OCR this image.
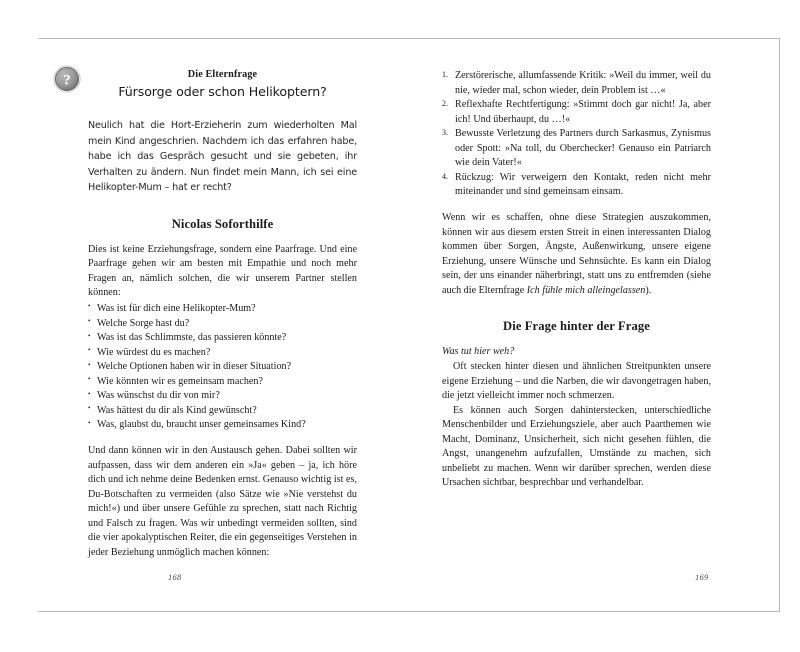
?	Die Elternfrage

Fürsorge oder schon Helikoptern?

Neulich hat die Hort-Erzieherin zum wiederholten Mal mein Kind angeschrien. Nachdem ich das erfahren habe, habe ich das Gespräch gesucht und sie gebeten, ihr Verhalten zu ändern. Nun findet mein Mann, ich sei eine Helikopter-Mum – hat er recht?

Nicolas Soforthilfe

Dies ist keine Erziehungsfrage, sondern eine Paarfrage. Und eine Paarfrage gehen wir am besten mit Empathie und noch mehr Fragen an, nämlich solchen, die wir unserem Partner stellen können:

• Was ist für dich eine Helikopter-Mum?
• Welche Sorge hast du?
• Was ist das Schlimmste, das passieren könnte?
• Wie würdest du es machen?
• Welche Optionen haben wir in dieser Situation?
• Wie könnten wir es gemeinsam machen?
• Was wünschst du dir von mir?
• Was hättest du dir als Kind gewünscht?
• Was, glaubst du, braucht unser gemeinsames Kind?

Und dann können wir in den Austausch gehen. Dabei sollten wir aufpassen, dass wir dem anderen ein »Ja« geben – ja, ich höre dich und ich nehme deine Bedenken ernst. Genauso wichtig ist es, Du-Botschaften zu vermeiden (also Sätze wie »Nie verstehst du mich!«) und über unsere Gefühle zu sprechen, statt nach Richtig und Falsch zu fragen. Was wir unbedingt vermeiden sollten, sind die vier apokalyptischen Reiter, die ein gegenseitiges Verstehen in jeder Beziehung unmöglich machen können:

168
Zerstörerische, allumfassende Kritik: »Weil du immer, weil du nie, wieder mal, schon wieder, dein Problem ist …«
Reflexhafte Rechtfertigung: »Stimmt doch gar nicht! Ja, aber ich! Und überhaupt, du …!«
Bewusste Verletzung des Partners durch Sarkasmus, Zynismus oder Spott: »Na toll, du Oberchecker! Genauso ein Patriarch wie dein Vater!«
Rückzug: Wir verweigern den Kontakt, reden nicht mehr miteinander und sind gemeinsam einsam.

Wenn wir es schaffen, ohne diese Strategien auszukommen, können wir aus diesem ersten Streit in einen interessanten Dialog kommen über Sorgen, Ängste, Außenwirkung, unsere eigene Erziehung, unsere Wünsche und Sehnsüchte. Es kann ein Dialog sein, der uns einander näherbringt, statt uns zu entfremden (siehe auch die Elternfrage Ich fühle mich alleingelassen).

Die Frage hinter der Frage

Was tut hier weh?

Oft stecken hinter diesen und ähnlichen Streitpunkten unsere eigene Erziehung – und die Narben, die wir davongetragen haben, die jetzt vielleicht immer noch schmerzen.

Es können auch Sorgen dahinterstecken, unterschiedliche Menschenbilder und Erziehungsziele, aber auch Paarthemen wie Macht, Dominanz, Unsicherheit, sich nicht gesehen fühlen, die Angst, unangenehm aufzufallen, Umstände zu machen, sich unbeliebt zu machen. Wenn wir darüber sprechen, werden diese Ursachen sichtbar, besprechbar und verhandelbar.

169
